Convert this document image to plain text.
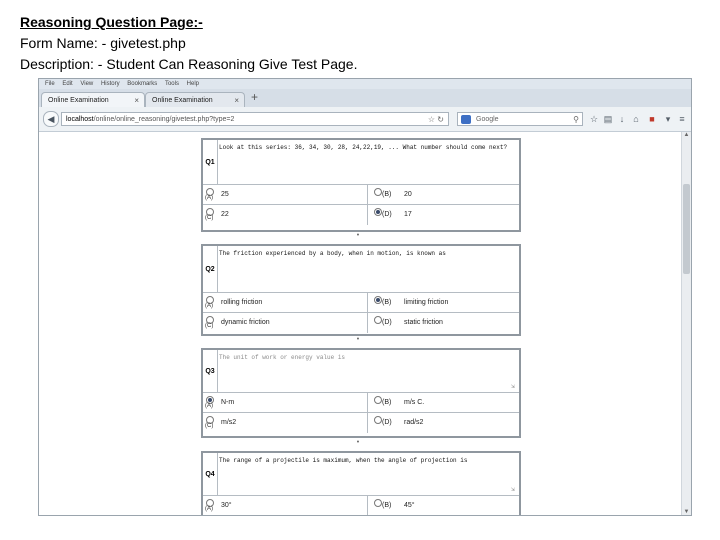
Reasoning Question Page:-
Form Name: - givetest.php
Description: - Student Can Reasoning Give Test Page.
File Edit View History Bookmarks Tools Help
Online Examination	×	Online Examination	× +
◀	localhost/online/online_reasoning/givetest.php?type=2	☆ ↻	Google	⚲ ☆ ▤ ↓	⌂ ■	▾	≡
Q1
Look at this series: 36, 34, 30, 28, 24,22,19, ... What number should come next?
(A) 25	(B) 20
(C) 22	(D) 17
•
Q2
The friction experienced by a body, when in motion, is known as
(A) rolling friction	(B) limiting friction
(C) dynamic friction	(D) static friction
•
Q3
The unit of work or energy value is
⇲
(A) N-m	(B) m/s C.
(C) m/s2	(D) rad/s2
•
Q4
The range of a projectile is maximum, when the angle of projection is
⇲
(A) 30°	(B) 45°
▲
▼
